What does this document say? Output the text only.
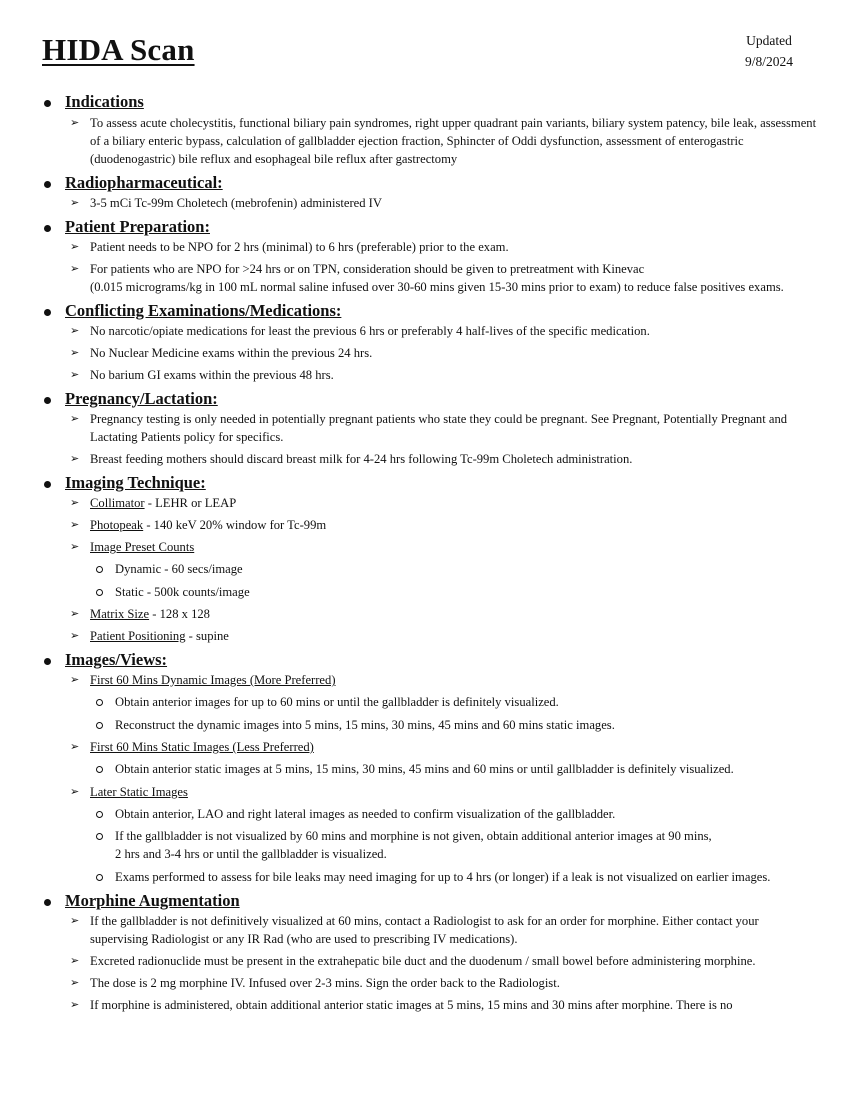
HIDA Scan	Updated
9/8/2024
Indications
➢ To assess acute cholecystitis, functional biliary pain syndromes, right upper quadrant pain variants, biliary system patency, bile leak, assessment of a biliary enteric bypass, calculation of gallbladder ejection fraction, Sphincter of Oddi dysfunction, assessment of enterogastric (duodenogastric) bile reflux and esophageal bile reflux after gastrectomy
Radiopharmaceutical:
➢ 3-5 mCi Tc-99m Choletech (mebrofenin) administered IV
Patient Preparation:
➢ Patient needs to be NPO for 2 hrs (minimal) to 6 hrs (preferable) prior to the exam.
➢ For patients who are NPO for >24 hrs or on TPN, consideration should be given to pretreatment with Kinevac
(0.015 micrograms/kg in 100 mL normal saline infused over 30-60 mins given 15-30 mins prior to exam) to reduce false positives exams.
Conflicting Examinations/Medications:
➢ No narcotic/opiate medications for least the previous 6 hrs or preferably 4 half-lives of the specific medication.
➢ No Nuclear Medicine exams within the previous 24 hrs.
➢ No barium GI exams within the previous 48 hrs.
Pregnancy/Lactation:
➢ Pregnancy testing is only needed in potentially pregnant patients who state they could be pregnant. See Pregnant, Potentially Pregnant and Lactating Patients policy for specifics.
➢ Breast feeding mothers should discard breast milk for 4-24 hrs following Tc-99m Choletech administration.
Imaging Technique:
➢ Collimator - LEHR or LEAP
➢ Photopeak - 140 keV 20% window for Tc-99m
➢ Image Preset Counts
Dynamic - 60 secs/image
Static - 500k counts/image
➢ Matrix Size - 128 x 128
➢ Patient Positioning - supine
Images/Views:
➢ First 60 Mins Dynamic Images (More Preferred)
Obtain anterior images for up to 60 mins or until the gallbladder is definitely visualized.
Reconstruct the dynamic images into 5 mins, 15 mins, 30 mins, 45 mins and 60 mins static images.
➢ First 60 Mins Static Images (Less Preferred)
Obtain anterior static images at 5 mins, 15 mins, 30 mins, 45 mins and 60 mins or until gallbladder is definitely visualized.
➢ Later Static Images
Obtain anterior, LAO and right lateral images as needed to confirm visualization of the gallbladder.
If the gallbladder is not visualized by 60 mins and morphine is not given, obtain additional anterior images at 90 mins,
2 hrs and 3-4 hrs or until the gallbladder is visualized.
Exams performed to assess for bile leaks may need imaging for up to 4 hrs (or longer) if a leak is not visualized on earlier images.
Morphine Augmentation
➢ If the gallbladder is not definitively visualized at 60 mins, contact a Radiologist to ask for an order for morphine. Either contact your supervising Radiologist or any IR Rad (who are used to prescribing IV medications).
➢ Excreted radionuclide must be present in the extrahepatic bile duct and the duodenum / small bowel before administering morphine.
➢ The dose is 2 mg morphine IV. Infused over 2-3 mins. Sign the order back to the Radiologist.
➢ If morphine is administered, obtain additional anterior static images at 5 mins, 15 mins and 30 mins after morphine. There is no
